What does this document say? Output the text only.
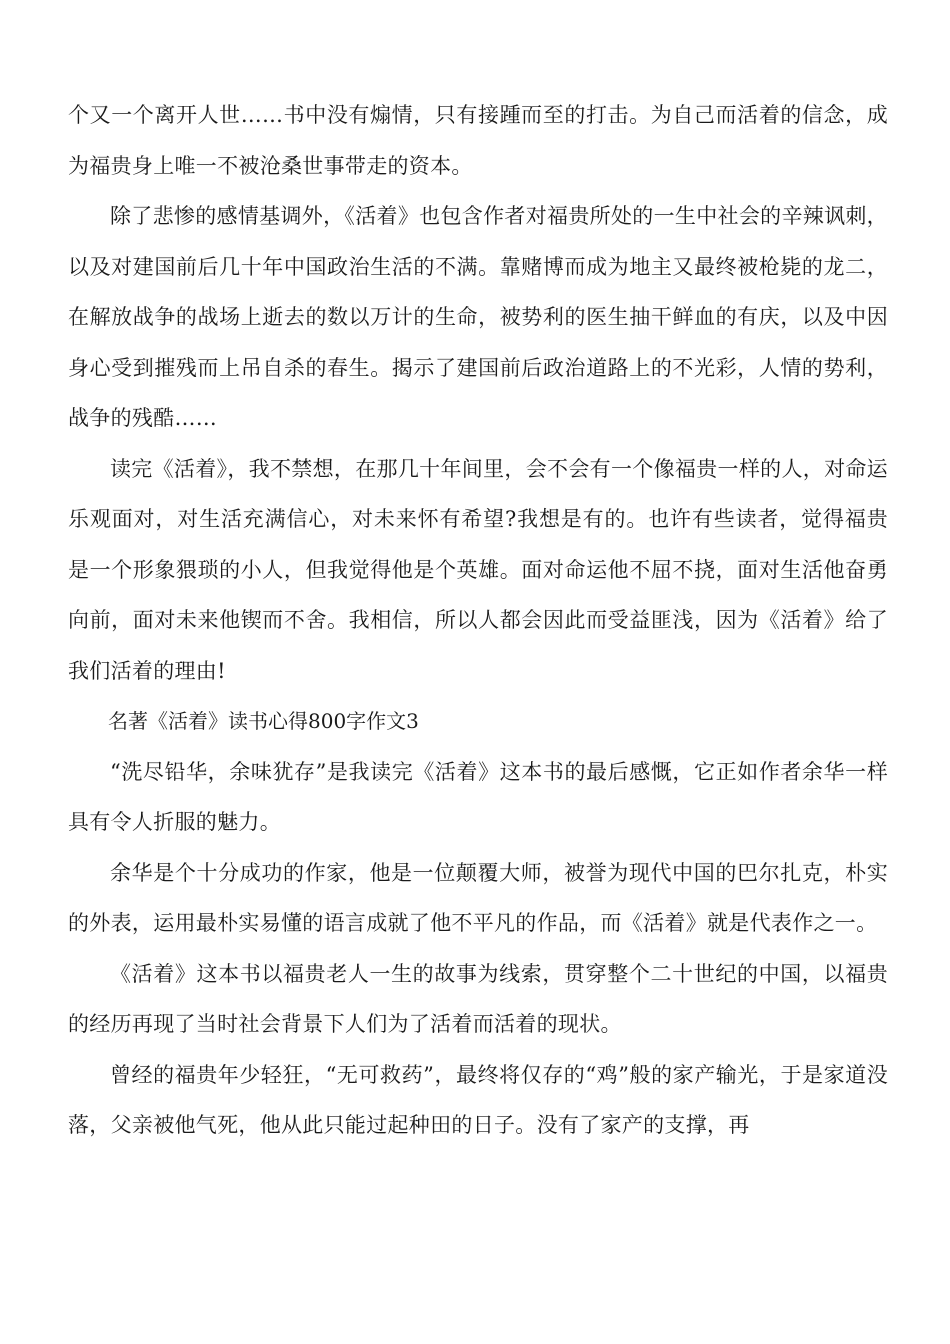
个又一个离开人世……书中没有煽情，只有接踵而至的打击。为自己而活着的信念，成为福贵身上唯一不被沧桑世事带走的资本。

除了悲惨的感情基调外，《活着》也包含作者对福贵所处的一生中社会的辛辣讽刺，以及对建国前后几十年中国政治生活的不满。靠赌博而成为地主又最终被枪毙的龙二，在解放战争的战场上逝去的数以万计的生命，被势利的医生抽干鲜血的有庆，以及中因身心受到摧残而上吊自杀的春生。揭示了建国前后政治道路上的不光彩，人情的势利，战争的残酷……

读完《活着》，我不禁想，在那几十年间里，会不会有一个像福贵一样的人，对命运乐观面对，对生活充满信心，对未来怀有希望?我想是有的。也许有些读者，觉得福贵是一个形象猥琐的小人，但我觉得他是个英雄。面对命运他不屈不挠，面对生活他奋勇向前，面对未来他锲而不舍。我相信，所以人都会因此而受益匪浅，因为《活着》给了我们活着的理由!

名著《活着》读书心得800字作文3

“洗尽铅华，余味犹存”是我读完《活着》这本书的最后感慨，它正如作者余华一样具有令人折服的魅力。

余华是个十分成功的作家，他是一位颠覆大师，被誉为现代中国的巴尔扎克，朴实的外表，运用最朴实易懂的语言成就了他不平凡的作品，而《活着》就是代表作之一。

《活着》这本书以福贵老人一生的故事为线索，贯穿整个二十世纪的中国，以福贵的经历再现了当时社会背景下人们为了活着而活着的现状。

曾经的福贵年少轻狂，“无可救药”，最终将仅存的“鸡”般的家产输光，于是家道没落，父亲被他气死，他从此只能过起种田的日子。没有了家产的支撑，再
